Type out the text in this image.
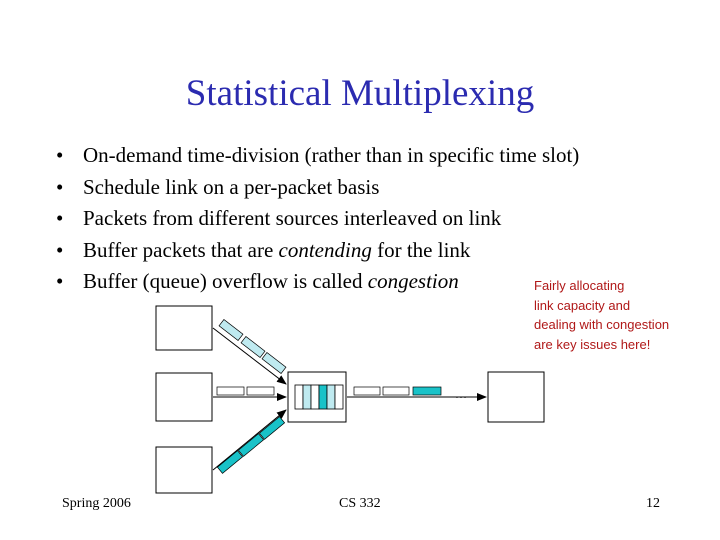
Statistical Multiplexing
• On-demand time-division (rather than in specific time slot)
• Schedule link on a per-packet basis
• Packets from different sources interleaved on link
• Buffer packets that are contending for the link
• Buffer (queue) overflow is called congestion	Fairly allocating
link capacity and
dealing with congestion
are key issues here!
…
Spring 2006	CS 332	12
